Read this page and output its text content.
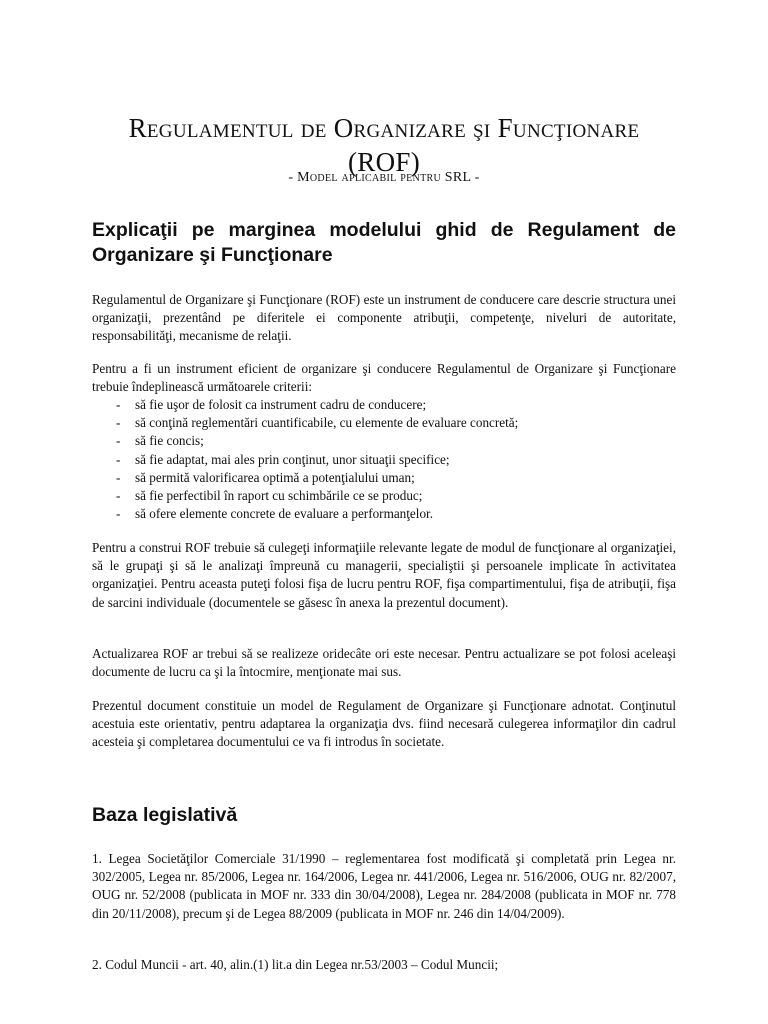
Regulamentul de Organizare şi Funcţionare
(ROF)
- Model aplicabil pentru SRL -
Explicaţii pe marginea modelului ghid de Regulament de Organizare şi Funcţionare
Regulamentul de Organizare şi Funcţionare (ROF) este un instrument de conducere care descrie structura unei organizaţii, prezentând pe diferitele ei componente atribuţii, competenţe, niveluri de autoritate, responsabilităţi, mecanisme de relaţii.
Pentru a fi un instrument eficient de organizare şi conducere Regulamentul de Organizare şi Funcţionare trebuie îndeplinească următoarele criterii:
- să fie uşor de folosit ca instrument cadru de conducere;
- să conţină reglementări cuantificabile, cu elemente de evaluare concretă;
- să fie concis;
- să fie adaptat, mai ales prin conţinut, unor situaţii specifice;
- să permită valorificarea optimă a potenţialului uman;
- să fie perfectibil în raport cu schimbările ce se produc;
- să ofere elemente concrete de evaluare a performanţelor.
Pentru a construi ROF trebuie să culegeţi informaţiile relevante legate de modul de funcţionare al organizaţiei, să le grupaţi şi să le analizaţi împreună cu managerii, specialiştii şi persoanele implicate în activitatea organizaţiei. Pentru aceasta puteţi folosi fişa de lucru pentru ROF, fişa compartimentului, fişa de atribuţii, fişa de sarcini individuale (documentele se găsesc în anexa la prezentul document).
Actualizarea ROF ar trebui să se realizeze oridecâte ori este necesar. Pentru actualizare se pot folosi aceleaşi documente de lucru ca şi la întocmire, menţionate mai sus.
Prezentul document constituie un model de Regulament de Organizare şi Funcţionare adnotat. Conţinutul acestuia este orientativ, pentru adaptarea la organizaţia dvs. fiind necesară culegerea informaţilor din cadrul acesteia şi completarea documentului ce va fi introdus în societate.
Baza legislativă
1. Legea Societăţilor Comerciale 31/1990 – reglementarea fost modificată şi completată prin Legea nr. 302/2005, Legea nr. 85/2006, Legea nr. 164/2006, Legea nr. 441/2006, Legea nr. 516/2006, OUG nr. 82/2007, OUG nr. 52/2008 (publicata in MOF nr. 333 din 30/04/2008), Legea nr. 284/2008 (publicata in MOF nr. 778 din 20/11/2008), precum şi de Legea 88/2009 (publicata in MOF nr. 246 din 14/04/2009).
2. Codul Muncii - art. 40, alin.(1) lit.a din Legea nr.53/2003 – Codul Muncii;
